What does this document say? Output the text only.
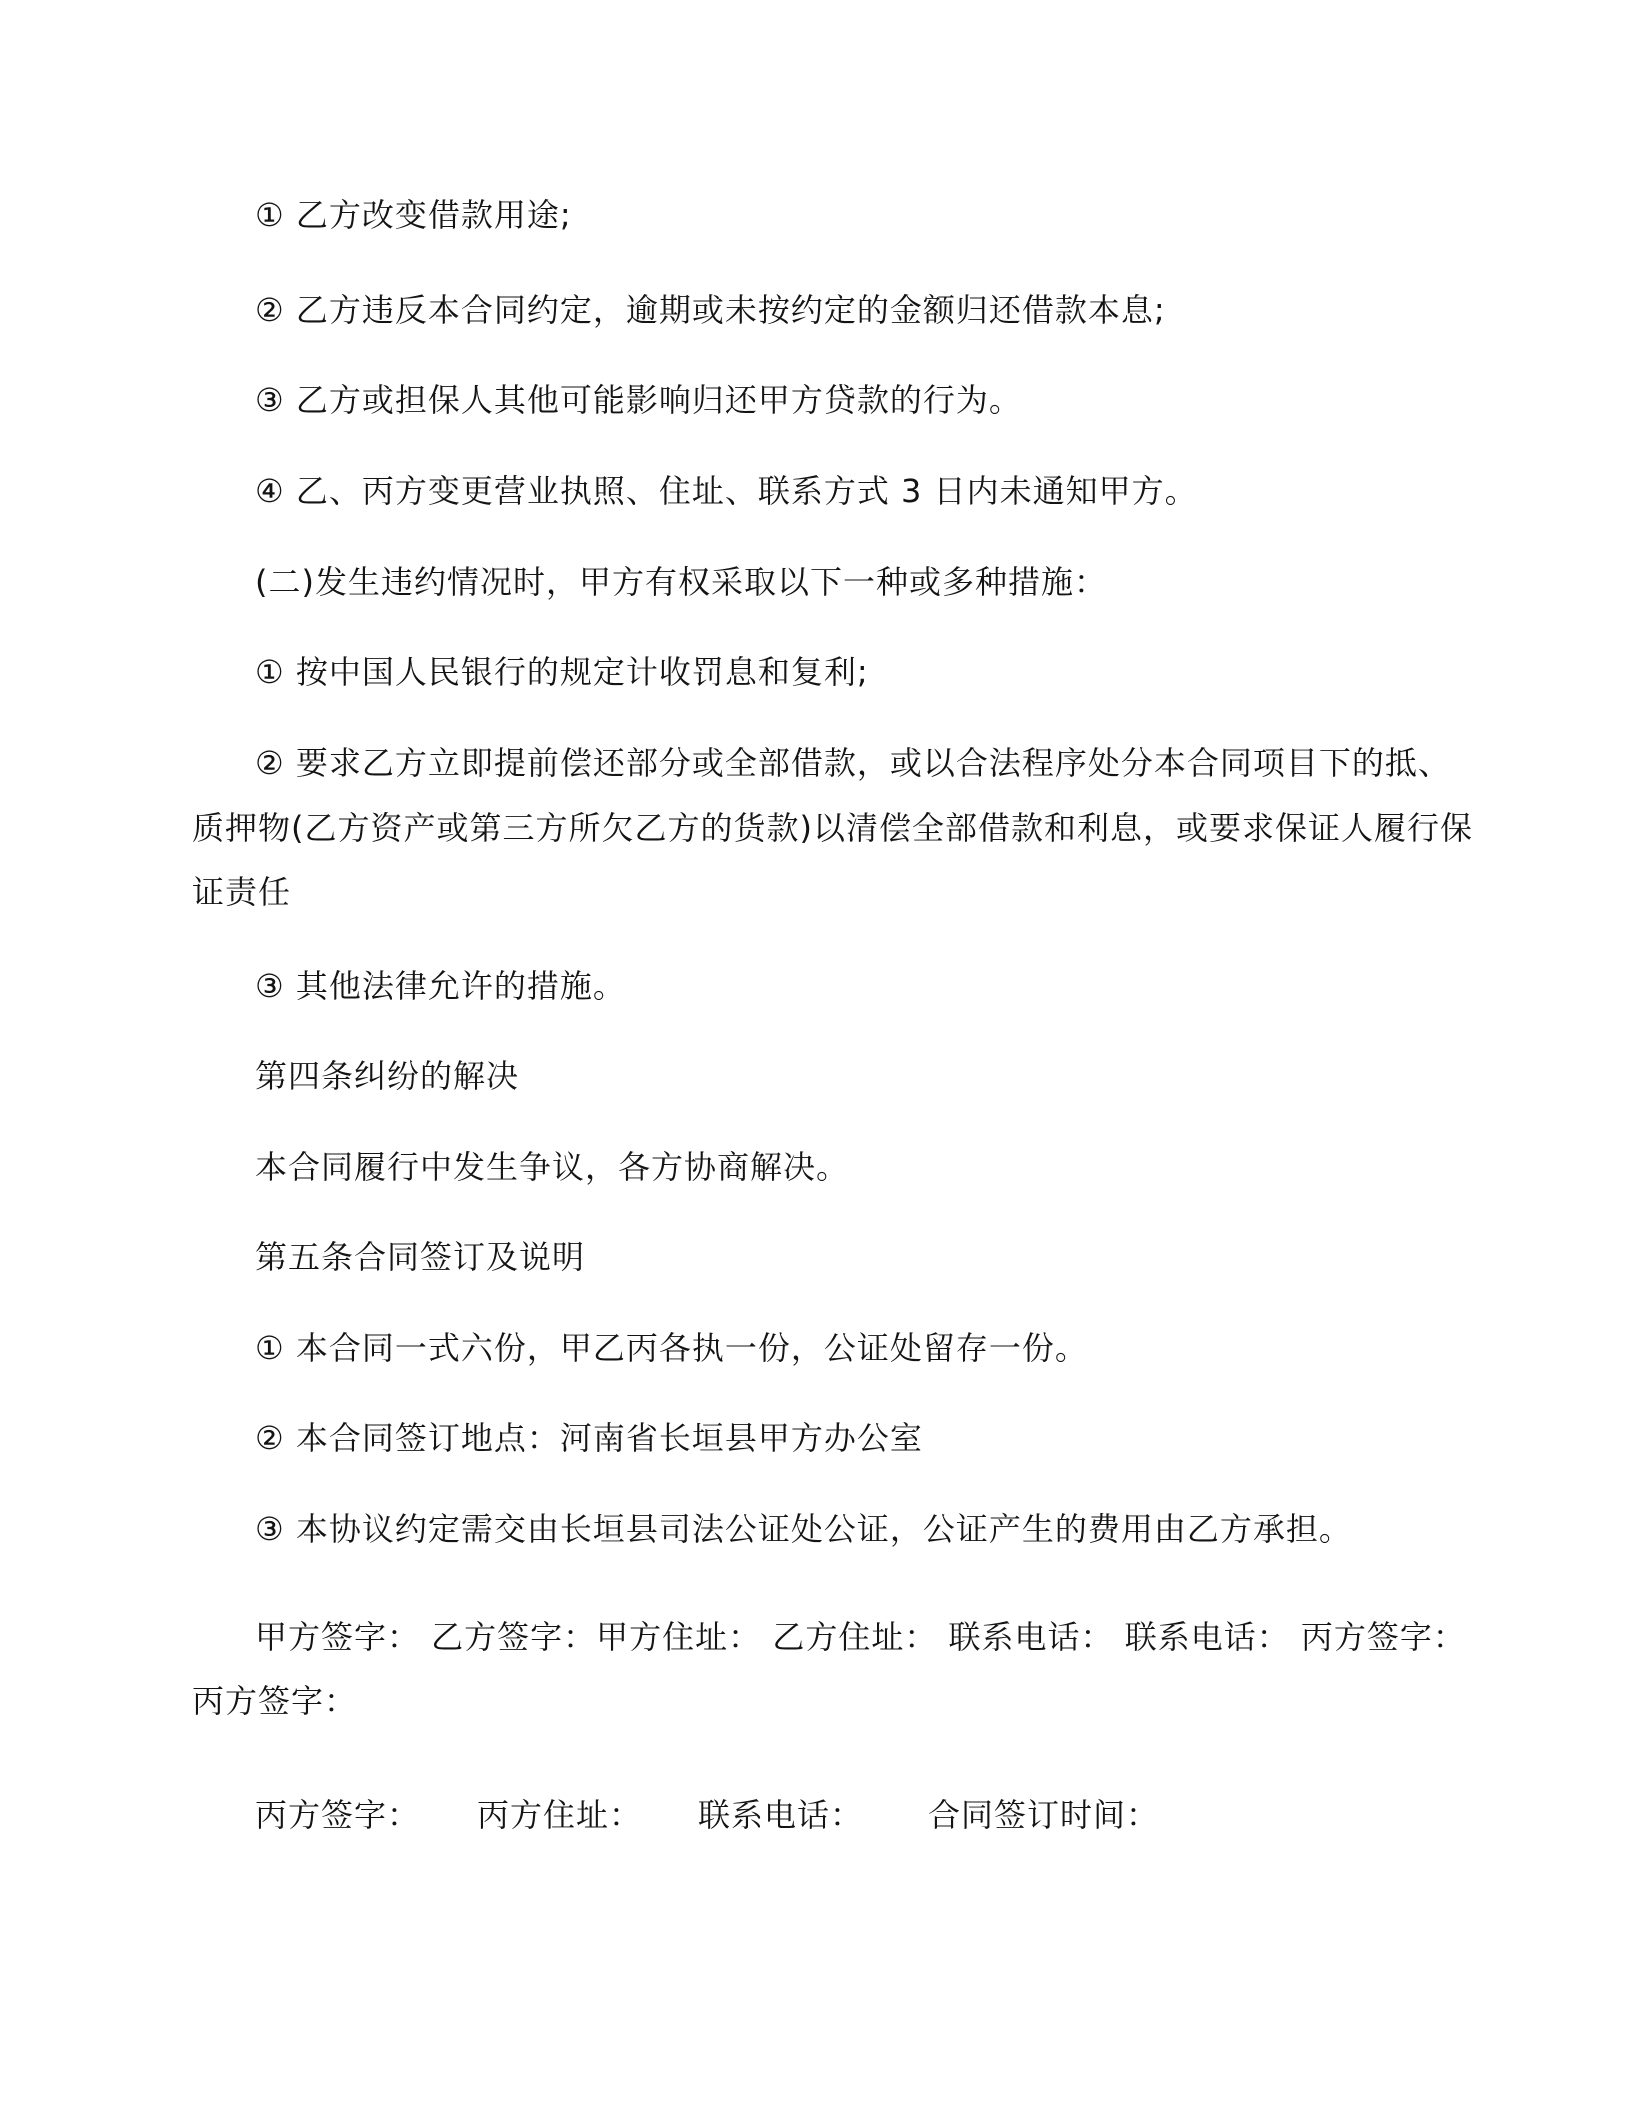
① 乙方改变借款用途;
② 乙方违反本合同约定，逾期或未按约定的金额归还借款本息;
③ 乙方或担保人其他可能影响归还甲方贷款的行为。
④ 乙、丙方变更营业执照、住址、联系方式 3 日内未通知甲方。
(二)发生违约情况时，甲方有权采取以下一种或多种措施：
① 按中国人民银行的规定计收罚息和复利;
② 要求乙方立即提前偿还部分或全部借款，或以合法程序处分本合同项目下的抵、
质押物(乙方资产或第三方所欠乙方的货款)以清偿全部借款和利息，或要求保证人履行保
证责任
③ 其他法律允许的措施。
第四条纠纷的解决
本合同履行中发生争议，各方协商解决。
第五条合同签订及说明
① 本合同一式六份，甲乙丙各执一份，公证处留存一份。
② 本合同签订地点：河南省长垣县甲方办公室
③ 本协议约定需交由长垣县司法公证处公证，公证产生的费用由乙方承担。
甲方签字： 乙方签字：甲方住址： 乙方住址： 联系电话： 联系电话： 丙方签字：
丙方签字：
丙方签字： 丙方住址： 联系电话： 合同签订时间：
